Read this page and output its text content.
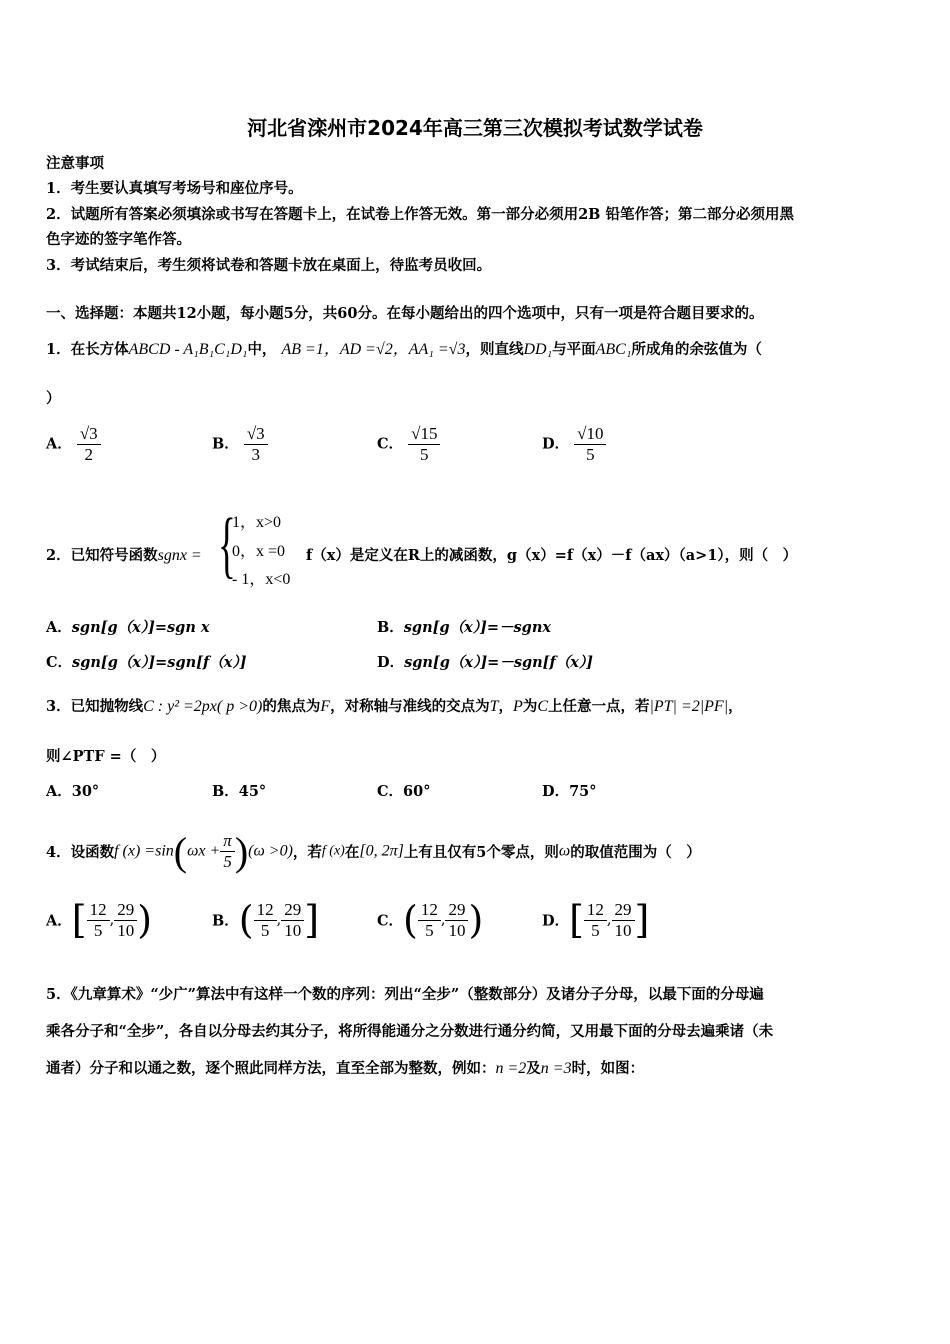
河北省滦州市2024年高三第三次模拟考试数学试卷
注意事项
1．考生要认真填写考场号和座位序号。
2．试题所有答案必须填涂或书写在答题卡上，在试卷上作答无效。第一部分必须用2B 铅笔作答；第二部分必须用黑
色字迹的签字笔作答。
3．考试结束后，考生须将试卷和答题卡放在桌面上，待监考员收回。
一、选择题：本题共12小题，每小题5分，共60分。在每小题给出的四个选项中，只有一项是符合题目要求的。
1．在长方体ABCD - A₁B₁C₁D₁中， AB =1，AD =√2，AA₁ =√3，则直线DD₁与平面ABC₁所成角的余弦值为（
）
A． $\frac{√3}{2}$	B． $\frac{√3}{3}$	C． $\frac{√15}{5}$	D． $\frac{√10}{5}$
2．已知符号函数sgnx = {
1，x>0
0，x =0
- 1，x<0
f（x）是定义在R上的减函数，g（x）=f（x）－f（ax）（a>1），则（　）
A．sgn[g（x）]=sgn x	B．sgn[g（x）]=－sgnx
C．sgn[g（x）]=sgn[f（x）]	D．sgn[g（x）]=－sgn[f（x）]
3．已知抛物线C : y² =2px( p >0)的焦点为F，对称轴与准线的交点为T，P为C上任意一点，若|PT| =2|PF|，
则∠PTF =（　）
A．30°	B．45°	C．60°	D．75°
4．设函数f $(x) =\sin(\omega x + \frac{\pi}{5} )(\omega >0)$，若f (x)在[0, 2π]上有且仅有5个零点，则ω的取值范围为（　）
A．[ $\frac{12}{5}$ , $\frac{29}{10}$ )	B．( $\frac{12}{5}$ , $\frac{29}{10}$ ]	C．( $\frac{12}{5}$ , $\frac{29}{10}$ )	D．[ $\frac{12}{5}$ , $\frac{29}{10}$ ]
5．《九章算术》“少广”算法中有这样一个数的序列：列出“全步”（整数部分）及诸分子分母，以最下面的分母遍
乘各分子和“全步”，各自以分母去约其分子，将所得能通分之分数进行通分约简，又用最下面的分母去遍乘诸（未
通者）分子和以通之数，逐个照此同样方法，直至全部为整数，例如：n =2及n =3时，如图：
